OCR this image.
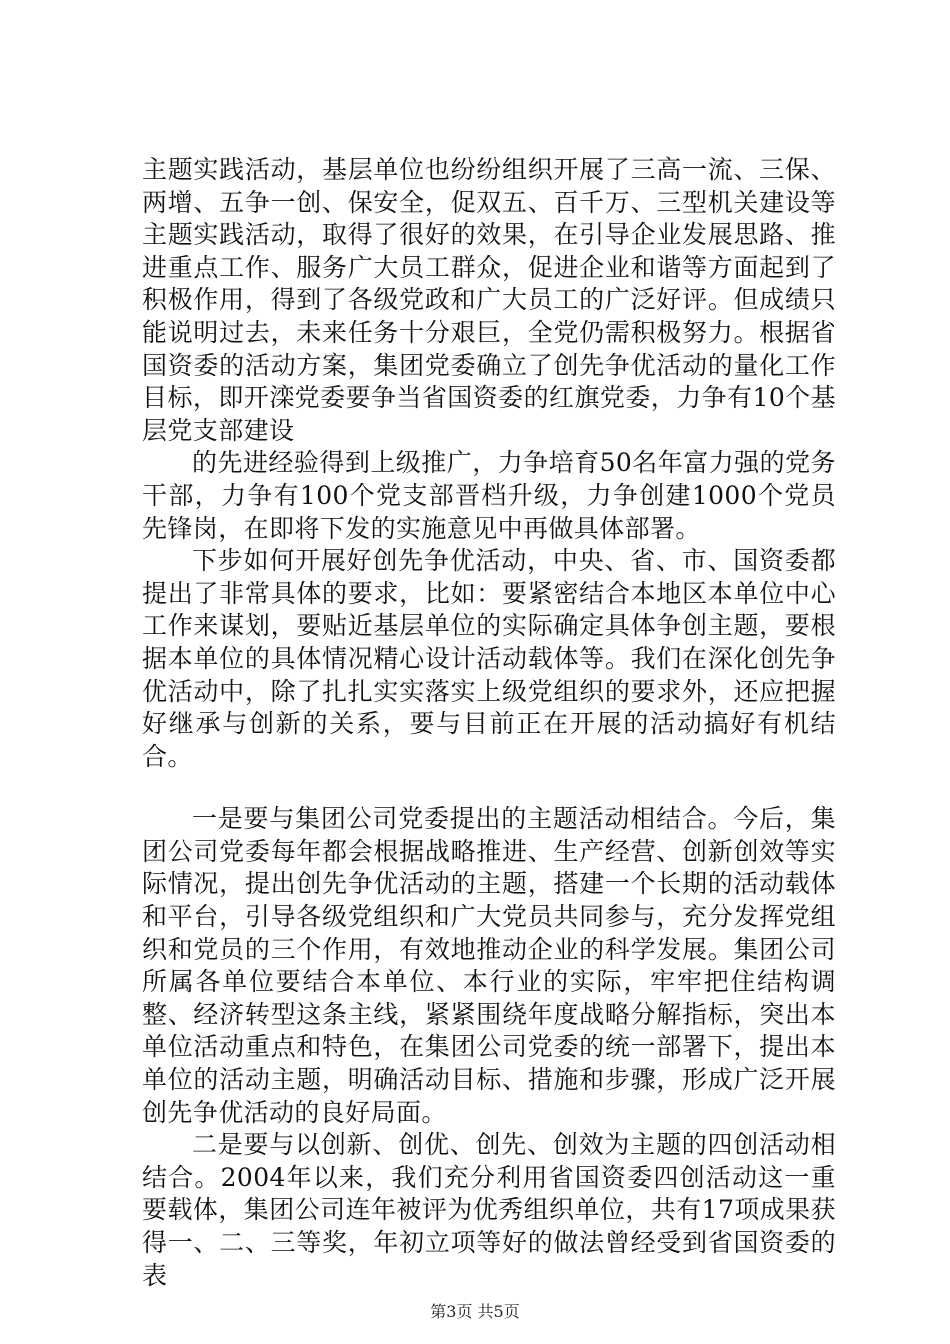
主题实践活动，基层单位也纷纷组织开展了三高一流、三保、两增、五争一创、保安全，促双五、百千万、三型机关建设等主题实践活动，取得了很好的效果，在引导企业发展思路、推进重点工作、服务广大员工群众，促进企业和谐等方面起到了积极作用，得到了各级党政和广大员工的广泛好评。但成绩只能说明过去，未来任务十分艰巨，全党仍需积极努力。根据省国资委的活动方案，集团党委确立了创先争优活动的量化工作目标，即开滦党委要争当省国资委的红旗党委，力争有10个基层党支部建设

的先进经验得到上级推广，力争培育50名年富力强的党务干部，力争有100个党支部晋档升级，力争创建1000个党员先锋岗，在即将下发的实施意见中再做具体部署。

下步如何开展好创先争优活动，中央、省、市、国资委都提出了非常具体的要求，比如：要紧密结合本地区本单位中心工作来谋划，要贴近基层单位的实际确定具体争创主题，要根据本单位的具体情况精心设计活动载体等。我们在深化创先争优活动中，除了扎扎实实落实上级党组织的要求外，还应把握好继承与创新的关系，要与目前正在开展的活动搞好有机结合。

一是要与集团公司党委提出的主题活动相结合。今后，集团公司党委每年都会根据战略推进、生产经营、创新创效等实际情况，提出创先争优活动的主题，搭建一个长期的活动载体和平台，引导各级党组织和广大党员共同参与，充分发挥党组织和党员的三个作用，有效地推动企业的科学发展。集团公司所属各单位要结合本单位、本行业的实际，牢牢把住结构调整、经济转型这条主线，紧紧围绕年度战略分解指标，突出本单位活动重点和特色，在集团公司党委的统一部署下，提出本单位的活动主题，明确活动目标、措施和步骤，形成广泛开展创先争优活动的良好局面。

二是要与以创新、创优、创先、创效为主题的四创活动相结合。2004年以来，我们充分利用省国资委四创活动这一重要载体，集团公司连年被评为优秀组织单位，共有17项成果获得一、二、三等奖，年初立项等好的做法曾经受到省国资委的表

第3页 共5页
